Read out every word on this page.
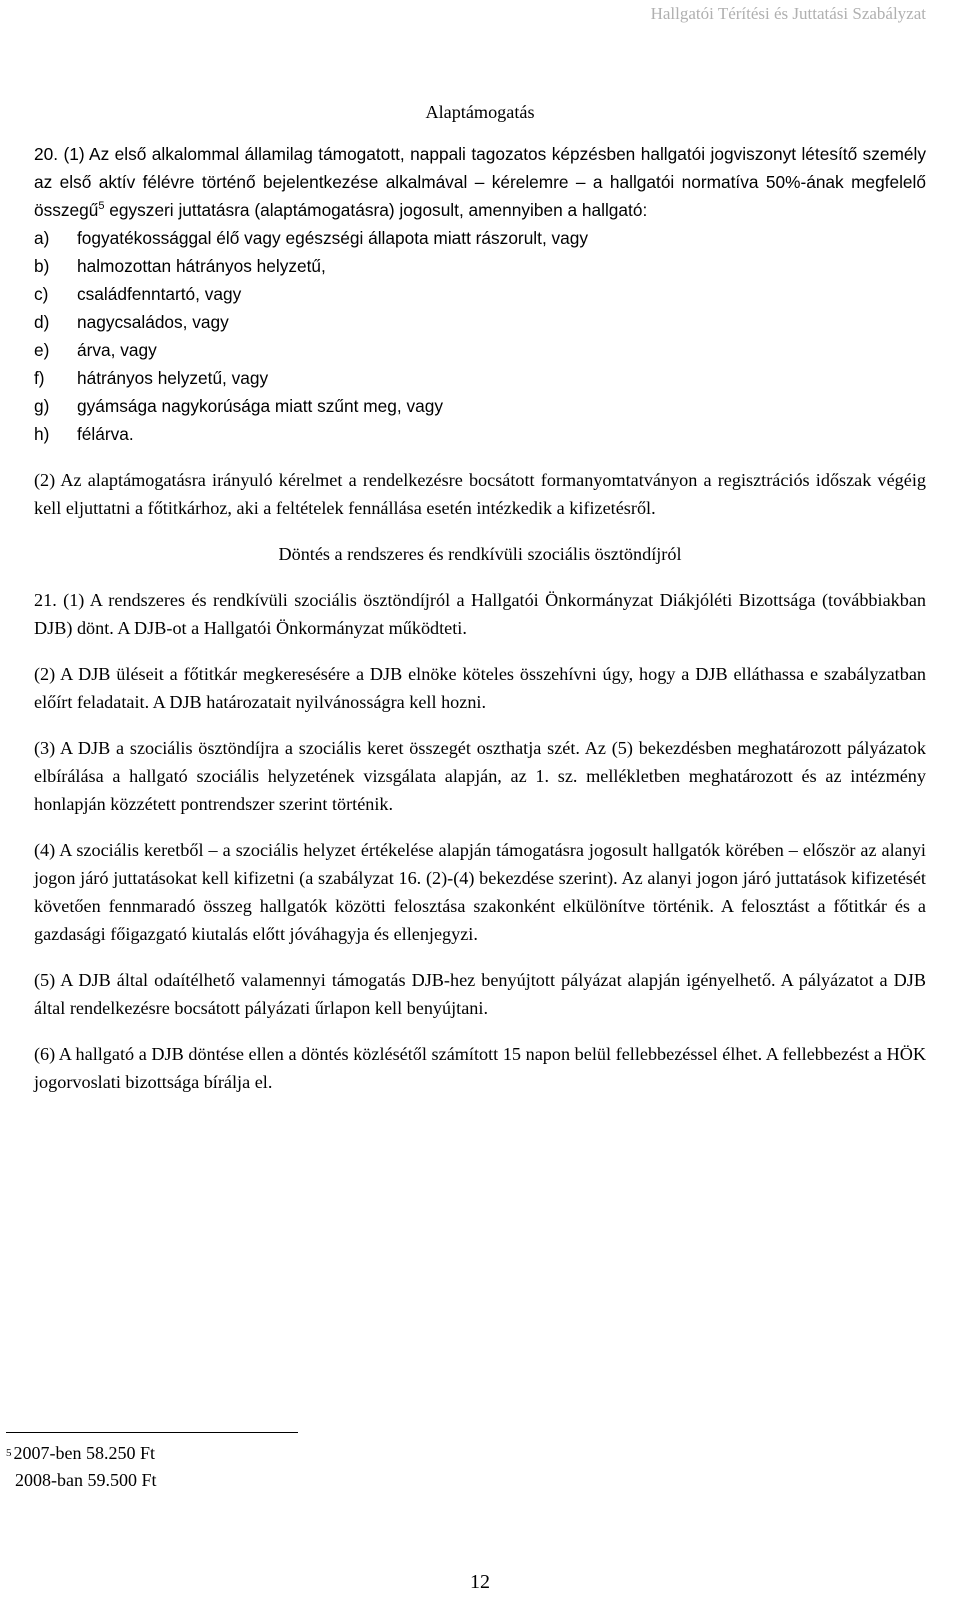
Hallgatói Térítési és Juttatási Szabályzat
Alaptámogatás

20. (1) Az első alkalommal államilag támogatott, nappali tagozatos képzésben hallgatói jogviszonyt létesítő személy az első aktív félévre történő bejelentkezése alkalmával – kérelemre – a hallgatói normatíva 50%-ának megfelelő összegű$^5$ egyszeri juttatásra (alaptámogatásra) jogosult, amennyiben a hallgató:

a)	fogyatékossággal élő vagy egészségi állapota miatt rászorult, vagy
b)	halmozottan hátrányos helyzetű,
c)	családfenntartó, vagy
d)	nagycsaládos, vagy
e)	árva, vagy
f)	hátrányos helyzetű, vagy
g)	gyámsága nagykorúsága miatt szűnt meg, vagy
h)	félárva.

(2) Az alaptámogatásra irányuló kérelmet a rendelkezésre bocsátott formanyomtatványon a regisztrációs időszak végéig kell eljuttatni a főtitkárhoz, aki a feltételek fennállása esetén intézkedik a kifizetésről.

Döntés a rendszeres és rendkívüli szociális ösztöndíjról

21. (1) A rendszeres és rendkívüli szociális ösztöndíjról a Hallgatói Önkormányzat Diákjóléti Bizottsága (továbbiakban DJB) dönt. A DJB-ot a Hallgatói Önkormányzat működteti.

(2) A DJB üléseit a főtitkár megkeresésére a DJB elnöke köteles összehívni úgy, hogy a DJB elláthassa e szabályzatban előírt feladatait. A DJB határozatait nyilvánosságra kell hozni.

(3) A DJB a szociális ösztöndíjra a szociális keret összegét oszthatja szét. Az (5) bekezdésben meghatározott pályázatok elbírálása a hallgató szociális helyzetének vizsgálata alapján, az 1. sz. mellékletben meghatározott és az intézmény honlapján közzétett pontrendszer szerint történik.

(4) A szociális keretből – a szociális helyzet értékelése alapján támogatásra jogosult hallgatók körében – először az alanyi jogon járó juttatásokat kell kifizetni (a szabályzat 16. (2)-(4) bekezdése szerint). Az alanyi jogon járó juttatások kifizetését követően fennmaradó összeg hallgatók közötti felosztása szakonként elkülönítve történik. A felosztást a főtitkár és a gazdasági főigazgató kiutalás előtt jóváhagyja és ellenjegyzi.

(5) A DJB által odaítélhető valamennyi támogatás DJB-hez benyújtott pályázat alapján igényelhető. A pályázatot a DJB által rendelkezésre bocsátott pályázati űrlapon kell benyújtani.

(6) A hallgató a DJB döntése ellen a döntés közlésétől számított 15 napon belül fellebbezéssel élhet. A fellebbezést a HÖK jogorvoslati bizottsága bírálja el.

$^5$ 2007-ben 58.250 Ft
2008-ban 59.500 Ft
12
